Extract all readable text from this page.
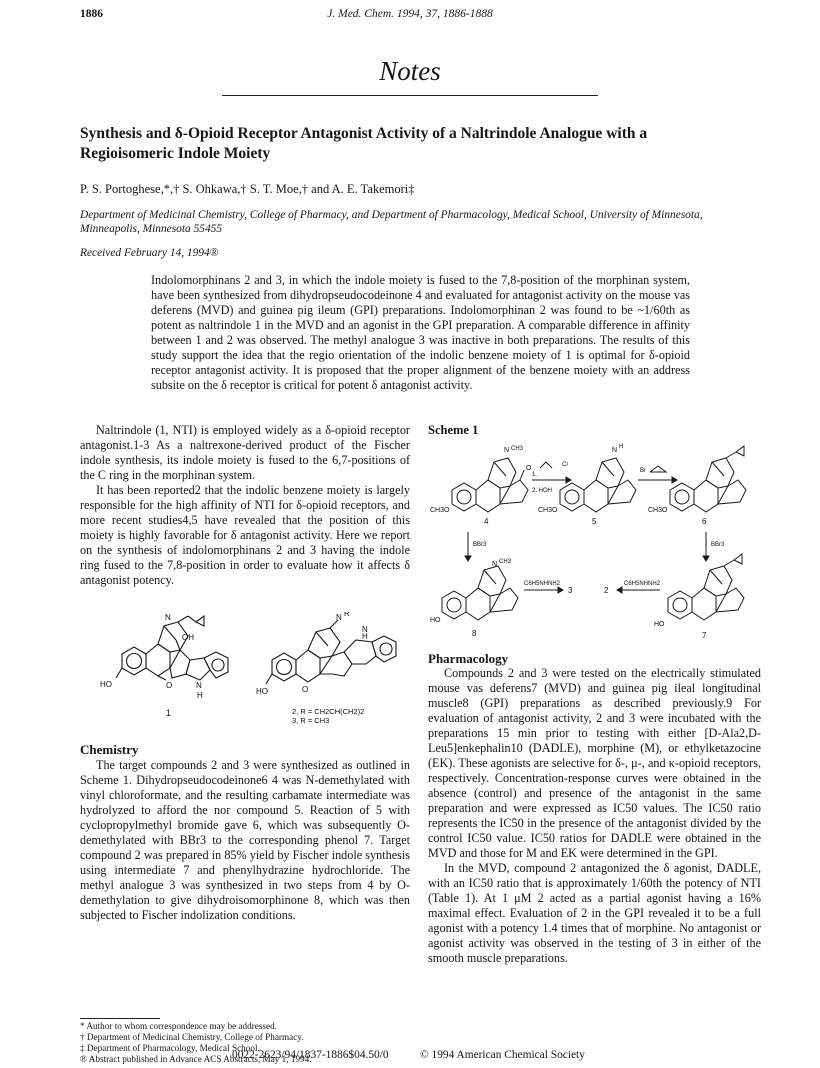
1886	J. Med. Chem. 1994, 37, 1886-1888
Notes
Synthesis and δ-Opioid Receptor Antagonist Activity of a Naltrindole Analogue with a Regioisomeric Indole Moiety
P. S. Portoghese,*,† S. Ohkawa,† S. T. Moe,† and A. E. Takemori‡
Department of Medicinal Chemistry, College of Pharmacy, and Department of Pharmacology, Medical School, University of Minnesota, Minneapolis, Minnesota 55455
Received February 14, 1994®

Indolomorphinans 2 and 3, in which the indole moiety is fused to the 7,8-position of the morphinan system, have been synthesized from dihydropseudocodeinone 4 and evaluated for antagonist activity on the mouse vas deferens (MVD) and guinea pig ileum (GPI) preparations. Indolomorphinan 2 was found to be ~1/60th as potent as naltrindole 1 in the MVD and an agonist in the GPI preparation. A comparable difference in affinity between 1 and 2 was observed. The methyl analogue 3 was inactive in both preparations. The results of this study support the idea that the regio orientation of the indolic benzene moiety of 1 is optimal for δ-opioid receptor antagonist activity. It is proposed that the proper alignment of the benzene moiety with an address subsite on the δ receptor is critical for potent δ antagonist activity.

Naltrindole (1, NTI) is employed widely as a δ-opioid receptor antagonist.1-3 As a naltrexone-derived product of the Fischer indole synthesis, its indole moiety is fused to the 6,7-positions of the C ring in the morphinan system.

It has been reported2 that the indolic benzene moiety is largely responsible for the high affinity of NTI for δ-opioid receptors, and more recent studies4,5 have revealed that the position of this moiety is highly favorable for δ antagonist activity. Here we report on the synthesis of indolomorphinans 2 and 3 having the indole ring fused to the 7,8-position in order to evaluate how it affects δ antagonist potency.

N
OH
HO	O	N
H
1
N R
H
N
HO	O
2, R = CH2CH(CH2)2
3, R = CH3
Chemistry

The target compounds 2 and 3 were synthesized as outlined in Scheme 1. Dihydropseudocodeinone6 4 was N-demethylated with vinyl chloroformate, and the resulting carbamate intermediate was hydrolyzed to afford the nor compound 5. Reaction of 5 with cyclopropylmethyl bromide gave 6, which was subsequently O-demethylated with BBr3 to the corresponding phenol 7. Target compound 2 was prepared in 85% yield by Fischer indole synthesis using intermediate 7 and phenylhydrazine hydrochloride. The methyl analogue 3 was synthesized in two steps from 4 by O-demethylation to give dihydroisomorphinone 8, which was then subjected to Fischer indolization conditions.

* Author to whom correspondence may be addressed.
† Department of Medicinal Chemistry, College of Pharmacy.
‡ Department of Pharmacology, Medical School.
® Abstract published in Advance ACS Abstracts, May 1, 1994.
Scheme 1
N CH3
O
CH3O
4
1.
Cl
2. HOH
N H
CH3O
5
Br
CH3O
6
BBr3	BBr3
N CH3
HO
8
C6H5NHNH2
3	2
C6H5NHNH2
HO
7
Pharmacology

Compounds 2 and 3 were tested on the electrically stimulated mouse vas deferens7 (MVD) and guinea pig ileal longitudinal muscle8 (GPI) preparations as described previously.9 For evaluation of antagonist activity, 2 and 3 were incubated with the preparations 15 min prior to testing with either [D-Ala2,D-Leu5]enkephalin10 (DADLE), morphine (M), or ethylketazocine (EK). These agonists are selective for δ-, μ-, and κ-opioid receptors, respectively. Concentration-response curves were obtained in the absence (control) and presence of the antagonist in the same preparation and were expressed as IC50 values. The IC50 ratio represents the IC50 in the presence of the antagonist divided by the control IC50 value. IC50 ratios for DADLE were obtained in the MVD and those for M and EK were determined in the GPI.

In the MVD, compound 2 antagonized the δ agonist, DADLE, with an IC50 ratio that is approximately 1/60th the potency of NTI (Table 1). At 1 μM 2 acted as a partial agonist having a 16% maximal effect. Evaluation of 2 in the GPI revealed it to be a full agonist with a potency 1.4 times that of morphine. No antagonist or agonist activity was observed in the testing of 3 in either of the smooth muscle preparations.

0022-2623/94/1837-1886$04.50/0	© 1994 American Chemical Society
